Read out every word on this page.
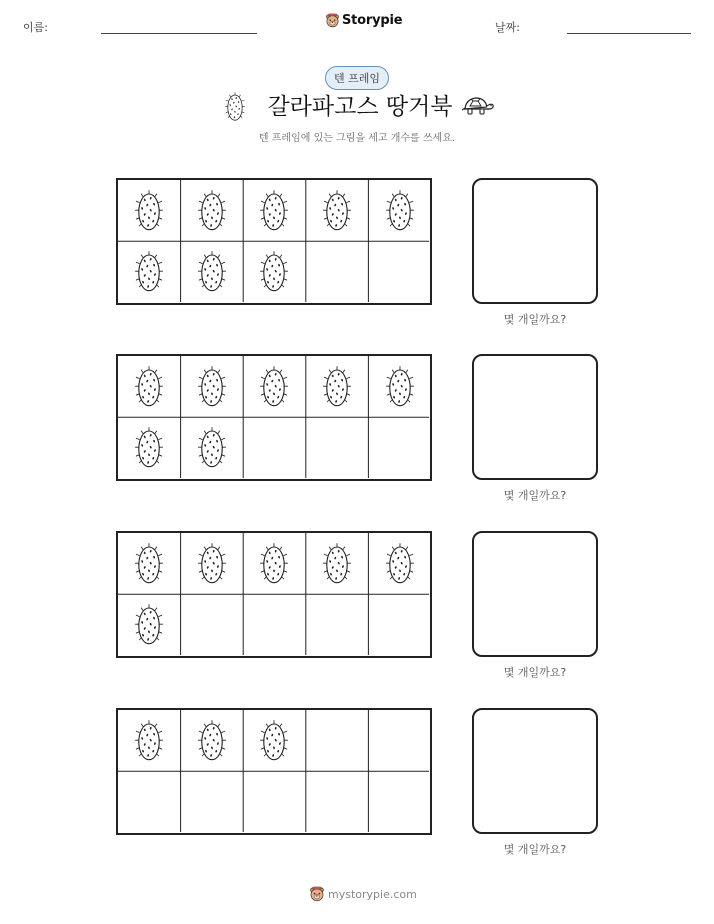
이름:	Storypie	날짜:
텐 프레임
갈라파고스 땅거북
텐 프레임에 있는 그림을 세고 개수를 쓰세요.
몇 개일까요?
몇 개일까요?
몇 개일까요?
몇 개일까요?
mystorypie.com
